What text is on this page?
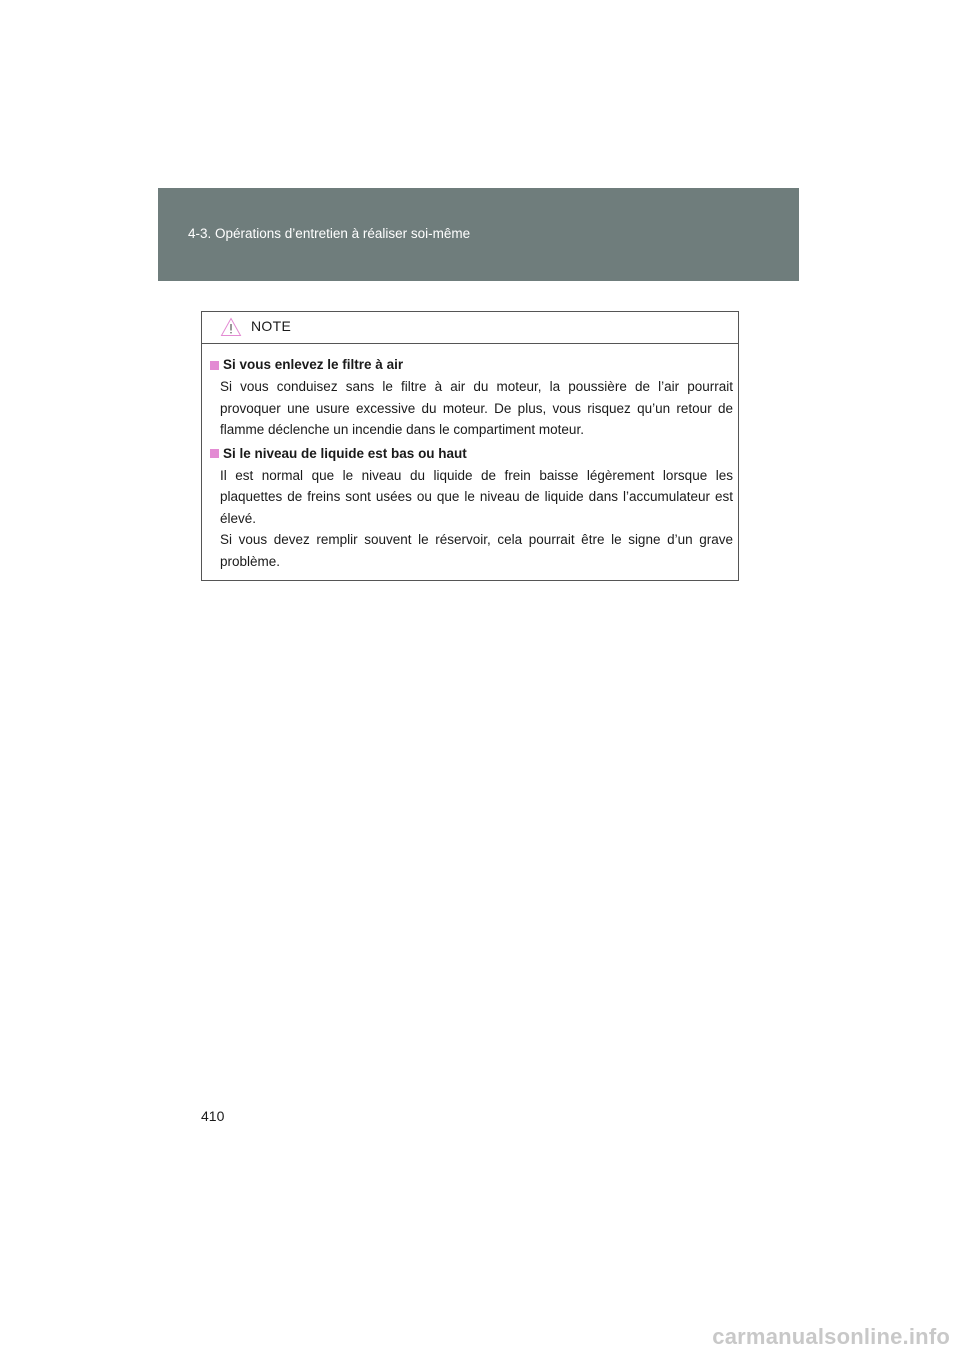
4-3. Opérations d’entretien à réaliser soi-même
NOTE
Si vous enlevez le filtre à air

Si vous conduisez sans le filtre à air du moteur, la poussière de l’air pourrait provoquer une usure excessive du moteur. De plus, vous risquez qu’un retour de flamme déclenche un incendie dans le compartiment moteur.

Si le niveau de liquide est bas ou haut

Il est normal que le niveau du liquide de frein baisse légèrement lorsque les plaquettes de freins sont usées ou que le niveau de liquide dans l’accumulateur est élevé.

Si vous devez remplir souvent le réservoir, cela pourrait être le signe d’un grave problème.

410
carmanualsonline.info
